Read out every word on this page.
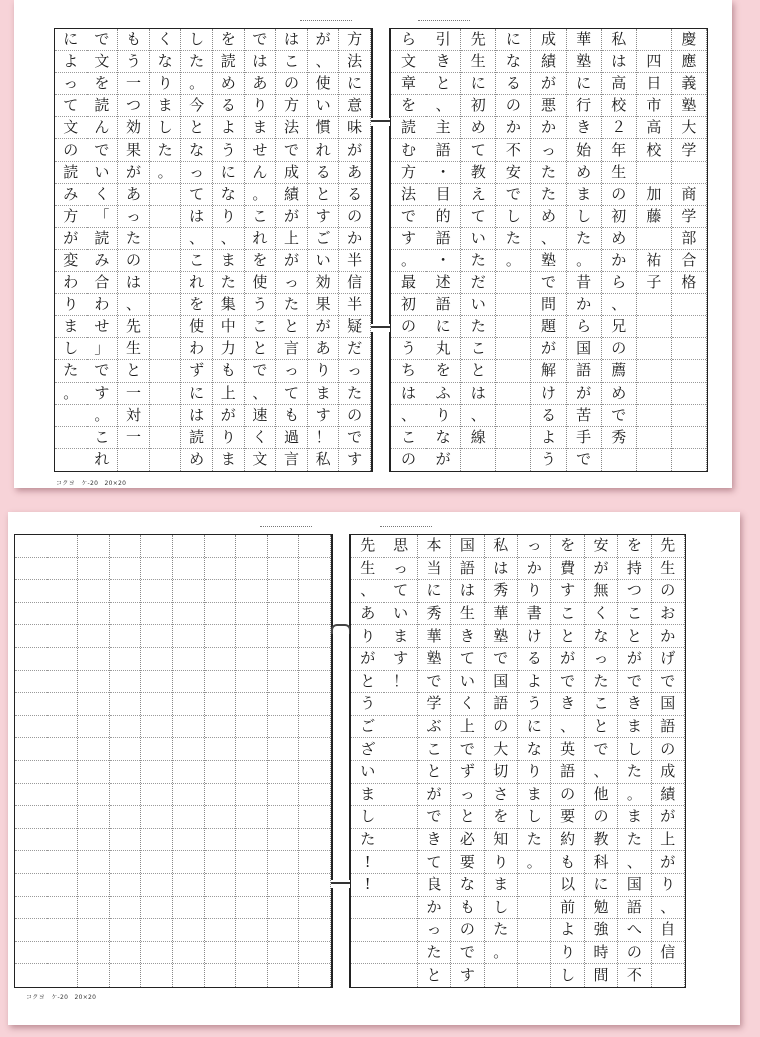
方
法
に
意
味
が
あ
る
の
か
半
信
半
疑
だ
っ
た
の
で
す
が
、
使
い
慣
れ
る
と
す
ご
い
効
果
が
あ
り
ま
す
！
私
は
こ
の
方
法
で
成
績
が
上
が
っ
た
と
言
っ
て
も
過
言
で
は
あ
り
ま
せ
ん
。
こ
れ
を
使
う
こ
と
で
、
速
く
文
を
読
め
る
よ
う
に
な
り
、
ま
た
集
中
力
も
上
が
り
ま
し
た
。
今
と
な
っ
て
は
、
こ
れ
を
使
わ
ず
に
は
読
め
く
な
り
ま
し
た
。
も
う
一
つ
効
果
が
あ
っ
た
の
は
、
先
生
と
一
対
一
で
文
を
読
ん
で
い
く
「
読
み
合
わ
せ
」
で
す
。
こ
れ
に
よ
っ
て
文
の
読
み
方
が
変
わ
り
ま
し
た
。
慶
應
義
塾
大
学

商
学
部
合
格

四
日
市
高
校

加
藤

祐
子
私
は
高
校
２
年
生
の
初
め
か
ら
、
兄
の
薦
め
で
秀
華
塾
に
行
き
始
め
ま
し
た
。
昔
か
ら
国
語
が
苦
手
で
成
績
が
悪
か
っ
た
た
め
、
塾
で
問
題
が
解
け
る
よ
う
に
な
る
の
か
不
安
で
し
た
。
先
生
に
初
め
て
教
え
て
い
た
だ
い
た
こ
と
は
、
線
引
き
と
、
主
語
・
目
的
語
・
述
語
に
丸
を
ふ
り
な
が
ら
文
章
を
読
む
方
法
で
す
。
最
初
の
う
ち
は
、
こ
の
コクヨ　ケ-20　20×20
先
生
の
お
か
げ
で
国
語
の
成
績
が
上
が
り
、
自
信
を
持
つ
こ
と
が
で
き
ま
し
た
。
ま
た
、
国
語
へ
の
不
安
が
無
く
な
っ
た
こ
と
で
、
他
の
教
科
に
勉
強
時
間
を
費
す
こ
と
が
で
き
、
英
語
の
要
約
も
以
前
よ
り
し
っ
か
り
書
け
る
よ
う
に
な
り
ま
し
た
。
私
は
秀
華
塾
で
国
語
の
大
切
さ
を
知
り
ま
し
た
。
国
語
は
生
き
て
い
く
上
で
ず
っ
と
必
要
な
も
の
で
す
本
当
に
秀
華
塾
で
学
ぶ
こ
と
が
で
き
て
良
か
っ
た
と
思
っ
て
い
ま
す
！
先
生
、
あ
り
が
と
う
ご
ざ
い
ま
し
た
!
!
コクヨ　ケ-20　20×20
